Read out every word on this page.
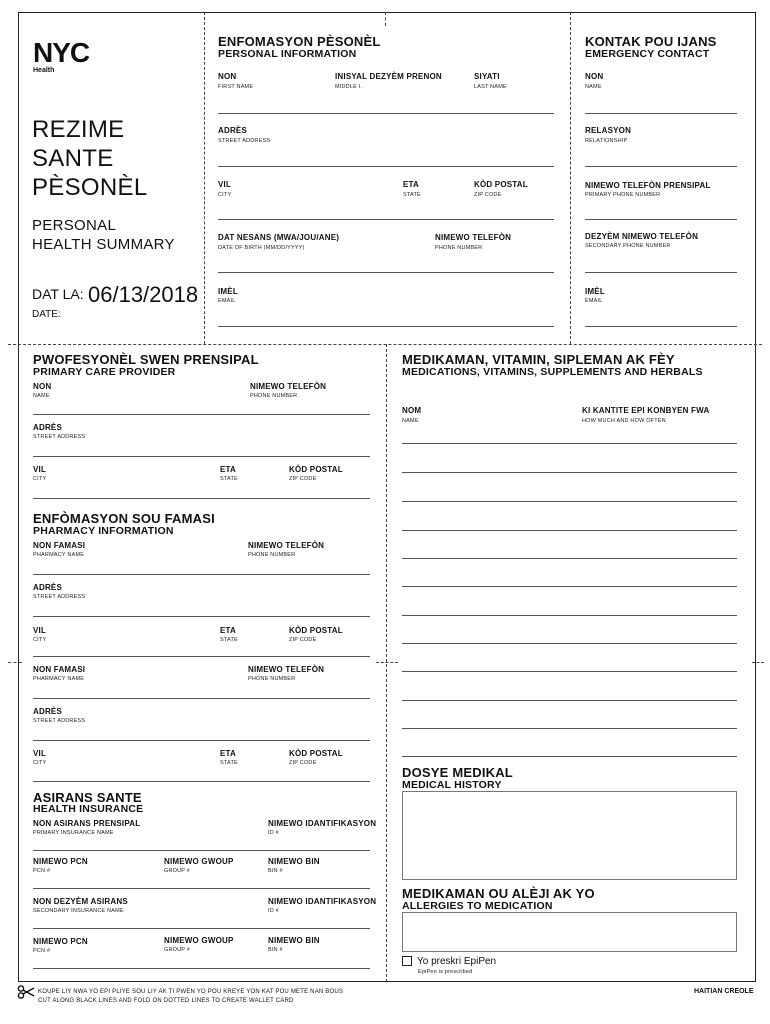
NYC
Health
REZIME
SANTE
PÈSONÈL
PERSONAL
HEALTH SUMMARY
DAT LA: 06/13/2018
DATE:
ENFOMASYON PÈSONÈL
PERSONAL INFORMATION
NON
FIRST NAME
INISYAL DEZYÈM PRENON
MIDDLE I.
SIYATI
LAST NAME
ADRÈS
STREET ADDRESS
VIL
CITY
ETA
STATE
KÒD POSTAL
ZIP CODE
DAT NESANS (MWA/JOU/ANE)
DATE OF BIRTH (MM/DD/YYYY)
NIMEWO TELEFÒN
PHONE NUMBER
IMÈL
EMAIL
KONTAK POU IJANS
EMERGENCY CONTACT
NON
NAME
RELASYON
RELATIONSHIP
NIMEWO TELEFÒN PRENSIPAL
PRIMARY PHONE NUMBER
DEZYÈM NIMEWO TELEFÒN
SECONDARY PHONE NUMBER
IMÈL
EMAIL
PWOFESYONÈL SWEN PRENSIPAL
PRIMARY CARE PROVIDER
NON
NAME
NIMEWO TELEFÒN
PHONE NUMBER
ADRÈS
STREET ADDRESS
VIL
CITY
ETA
STATE
KÒD POSTAL
ZIP CODE
ENFÒMASYON SOU FAMASI
PHARMACY INFORMATION
NON FAMASI
PHARMACY NAME
NIMEWO TELEFÒN
PHONE NUMBER
ADRÈS
STREET ADDRESS
VIL
CITY
ETA
STATE
KÒD POSTAL
ZIP CODE
NON FAMASI
PHARMACY NAME
NIMEWO TELEFÒN
PHONE NUMBER
ADRÈS
STREET ADDRESS
VIL
CITY
ETA
STATE
KÒD POSTAL
ZIP CODE
ASIRANS SANTE
HEALTH INSURANCE
NON ASIRANS PRENSIPAL
PRIMARY INSURANCE NAME
NIMEWO IDANTIFIKASYON
ID #
NIMEWO PCN
PCN #
NIMEWO GWOUP
GROUP #
NIMEWO BIN
BIN #
NON DEZYÈM ASIRANS
SECONDARY INSURANCE NAME
NIMEWO IDANTIFIKASYON
ID #
NIMEWO PCN
PCN #
NIMEWO GWOUP
GROUP #
NIMEWO BIN
BIN #
MEDIKAMAN, VITAMIN, SIPLEMAN AK FÈY
MEDICATIONS, VITAMINS, SUPPLEMENTS AND HERBALS
NOM
NAME
KI KANTITE EPI KONBYEN FWA
HOW MUCH AND HOW OFTEN
DOSYE MEDIKAL
MEDICAL HISTORY
MEDIKAMAN OU ALÈJI AK YO
ALLERGIES TO MEDICATION
Yo preskri EpiPen
EpiPen is prescribed
KOUPE LIY NWA YO EPI PLIYE SOU LIY AK TI PWEN YO POU KREYE YON KAT POU METE NAN BOUS
CUT ALONG BLACK LINES AND FOLD ON DOTTED LINES TO CREATE WALLET CARD
HAITIAN CREOLE
